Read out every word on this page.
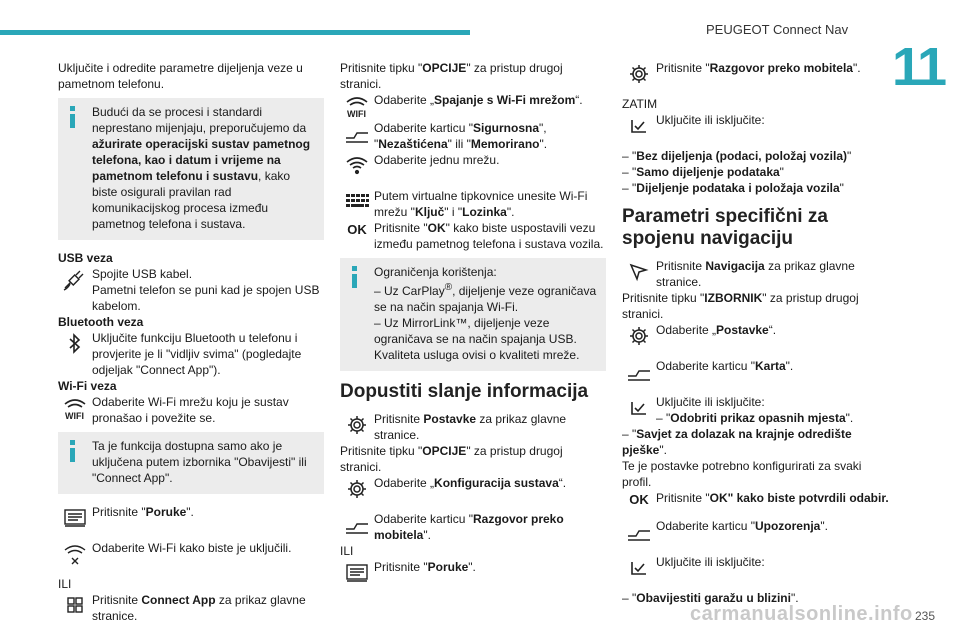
PEUGEOT Connect Nav
11
carmanualsonline.info 235

Uključite i odredite parametre dijeljenja veze u pametnom telefonu.

Budući da se procesi i standardi neprestano mijenjaju, preporučujemo da ažurirate operacijski sustav pametnog telefona, kao i datum i vrijeme na pametnom telefonu i sustavu, kako biste osigurali pravilan rad komunikacijskog procesa između pametnog telefona i sustava.

USB veza

Spojite USB kabel.

Pametni telefon se puni kad je spojen USB kabelom.

Bluetooth veza

Uključite funkciju Bluetooth u telefonu i provjerite je li "vidljiv svima" (pogledajte odjeljak "Connect App").

Wi-Fi veza

WIFI

Odaberite Wi-Fi mrežu koju je sustav pronašao i povežite se.

Ta je funkcija dostupna samo ako je uključena putem izbornika "Obavijesti" ili "Connect App".
Pritisnite "Poruke".

Odaberite Wi-Fi kako biste je uključili.

ILI

Pritisnite Connect App za prikaz glavne stranice.

Pritisnite tipku "OPCIJE" za pristup drugoj stranici.

WIFI
Odaberite „Spajanje s Wi-Fi mrežom“.
Odaberite karticu "Sigurnosna", "Nezaštićena" ili "Memorirano".

Odaberite jednu mrežu.

Putem virtualne tipkovnice unesite Wi-Fi mrežu "Ključ" i "Lozinka".
OK Pritisnite "OK" kako biste uspostavili vezu između pametnog telefona i sustava vozila.

Ograničenja korištenja:

– Uz CarPlay®, dijeljenje veze ograničava se na način spajanja Wi-Fi.

– Uz MirrorLink™, dijeljenje veze ograničava se na način spajanja USB.

Kvaliteta usluga ovisi o kvaliteti mreže.

Dopustiti slanje informacija
Pritisnite Postavke za prikaz glavne stranice.

Pritisnite tipku "OPCIJE" za pristup drugoj stranici.

Odaberite „Konfiguracija sustava“.
Odaberite karticu "Razgovor preko mobitela".

ILI

Pritisnite "Poruke".
Pritisnite "Razgovor preko mobitela".

ZATIM

Uključite ili isključite:

– "Bez dijeljenja (podaci, položaj vozila)"

– "Samo dijeljenje podataka"

– "Dijeljenje podataka i položaja vozila"

Parametri specifični za spojenu navigaciju
Pritisnite Navigacija za prikaz glavne stranice.

Pritisnite tipku "IZBORNIK" za pristup drugoj stranici.

Odaberite „Postavke“.
Odaberite karticu "Karta".

Uključite ili isključite:

– "Odobriti prikaz opasnih mjesta".

– "Savjet za dolazak na krajnje odredište pješke".

Te je postavke potrebno konfigurirati za svaki profil.

OK Pritisnite "OK" kako biste potvrdili odabir.
Odaberite karticu "Upozorenja".

Uključite ili isključite:

– "Obavijestiti garažu u blizini".
